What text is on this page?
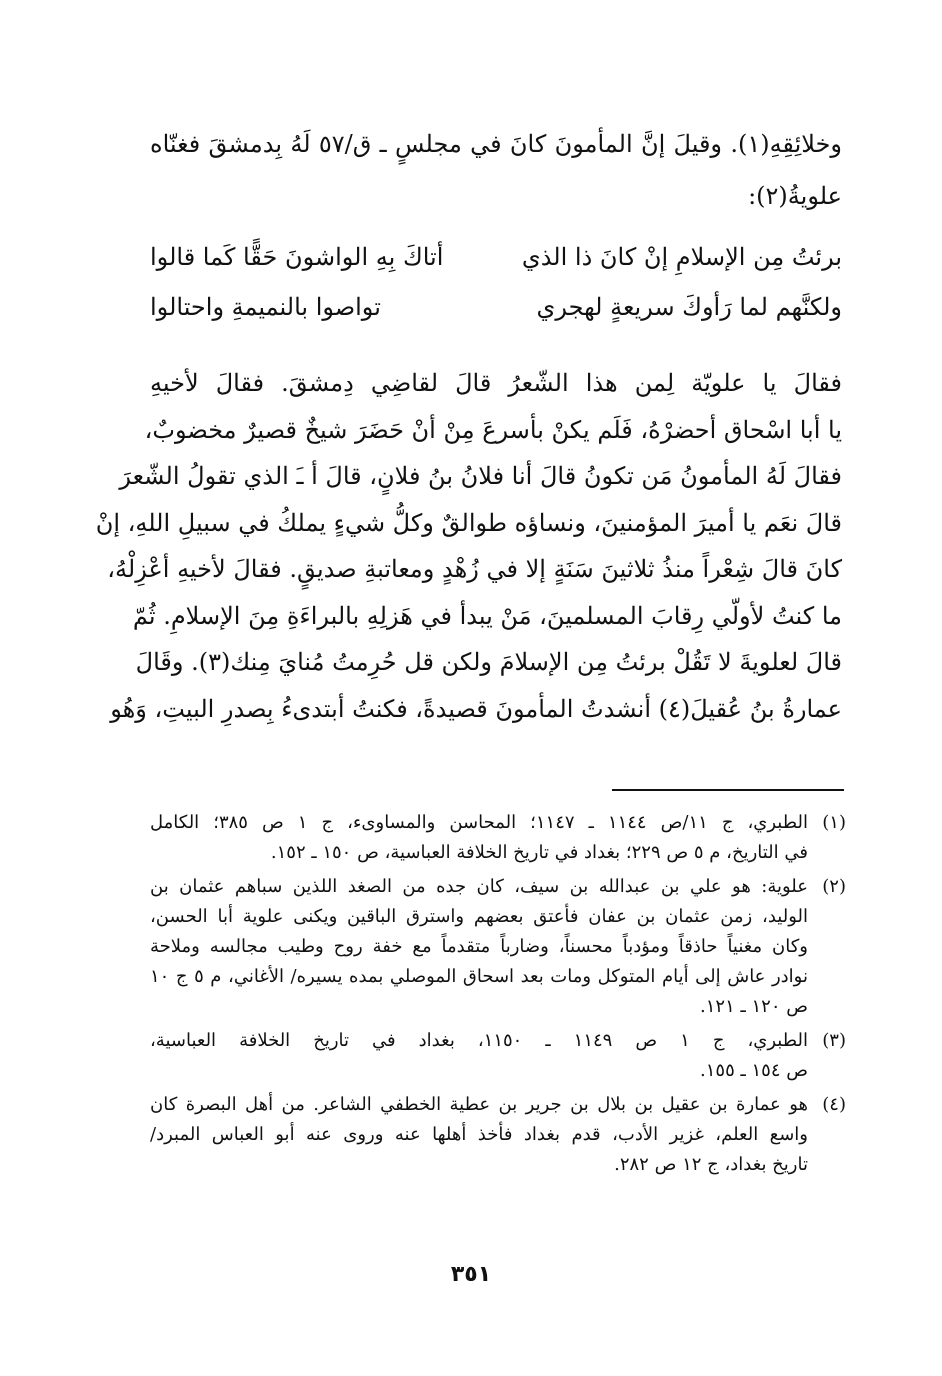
وخلائِقِهِ(١). وقيلَ إنَّ المأمونَ كانَ في مجلسٍ ـ ق/٥٧ لَهُ بِدمشقَ فغنّاه
علويةُ(٢):
برئتُ مِن الإسلامِ إنْ كانَ ذا الذي
أتاكَ بِهِ الواشونَ حَقًّا كَما قالوا
ولكنَّهم لما رَأوكَ سريعةٍ لهجري
تواصوا بالنميمةِ واحتالوا
فقالَ يا علويّة لِمن هذا الشّعرُ قالَ لقاضِي دِمشقَ. فقالَ لأخيهِ
يا أبا اسْحاق أحضرْهُ، فَلَم يكنْ بأسرعَ مِنْ أنْ حَضَرَ شيخٌ قصيرٌ مخضوبٌ،
فقالَ لَهُ المأمونُ مَن تكونُ قالَ أنا فلانُ بنُ فلانٍ، قالَ أ ـَ الذي تقولُ الشّعرَ
قالَ نعَم يا أميرَ المؤمنينَ، ونساؤه طوالقٌ وكلُّ شيءٍ يملكُ في سبيلِ اللهِ، إنْ
كانَ قالَ شِعْراً منذُ ثلاثينَ سَنَةٍ إلا في زُهْدٍ ومعاتبةِ صديقٍ. فقالَ لأخيهِ أعْزِلْهُ،
ما كنتُ لأولّي رِقابَ المسلمينَ، مَنْ يبدأ في هَزلِهِ بالبراءَةِ مِنَ الإسلامِ. ثُمّ
قالَ لعلويةَ لا تَقُلْ برئتُ مِن الإسلامَ ولكن قل حُرِمتُ مُنايَ مِنك(٣). وقَالَ
عمارةُ بنُ عُقيلَ(٤) أنشدتُ المأمونَ قصيدةً، فكنتُ أبتدىءُ بِصدرِ البيتِ، وَهُو
(١)
الطبري، ج ١١/ص ١١٤٤ ـ ١١٤٧؛ المحاسن والمساوىء، ج ١ ص ٣٨٥؛ الكامل
في التاريخ، م ٥ ص ٢٢٩؛ بغداد في تاريخ الخلافة العباسية، ص ١٥٠ ـ ١٥٢.
(٢)
علوية: هو علي بن عبدالله بن سيف، كان جده من الصغد اللذين سباهم عثمان بن
الوليد، زمن عثمان بن عفان فأعتق بعضهم واسترق الباقين ويكنى علوية أبا الحسن،
وكان مغنياً حاذقاً ومؤدباً محسناً، وضارباً متقدماً مع خفة روح وطيب مجالسه وملاحة
نوادر عاش إلى أيام المتوكل ومات بعد اسحاق الموصلي بمده يسيره/ الأغاني، م ٥ ج ١٠
ص ١٢٠ ـ ١٢١.
(٣)
الطبري، ج ١ ص ١١٤٩ ـ ١١٥٠، بغداد في تاريخ الخلافة العباسية،
ص ١٥٤ ـ ١٥٥.
(٤)
هو عمارة بن عقيل بن بلال بن جرير بن عطية الخطفي الشاعر. من أهل البصرة كان
واسع العلم، غزير الأدب، قدم بغداد فأخذ أهلها عنه وروى عنه أبو العباس المبرد/
تاريخ بغداد، ج ١٢ ص ٢٨٢.
٣٥١
